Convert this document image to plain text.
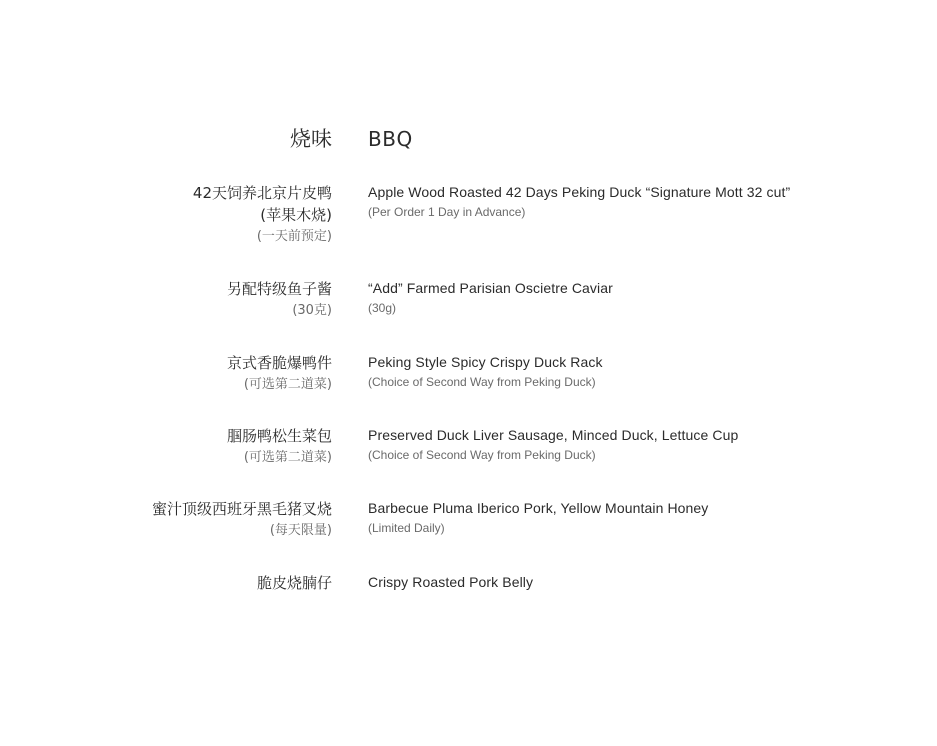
烧味 BBQ
42天饲养北京片皮鸭
(苹果木烧)
(一天前预定)
Apple Wood Roasted 42 Days Peking Duck “Signature Mott 32 cut”
(Per Order 1 Day in Advance)
另配特级鱼子酱
(30克)
“Add” Farmed Parisian Oscietre Caviar
(30g)
京式香脆爆鸭件
(可选第二道菜)
Peking Style Spicy Crispy Duck Rack
(Choice of Second Way from Peking Duck)
腘肠鸭松生菜包
(可选第二道菜)
Preserved Duck Liver Sausage, Minced Duck, Lettuce Cup
(Choice of Second Way from Peking Duck)
蜜汁顶级西班牙黑毛猪叉烧
(每天限量)
Barbecue Pluma Iberico Pork, Yellow Mountain Honey
(Limited Daily)
脆皮烧腩仔	Crispy Roasted Pork Belly
